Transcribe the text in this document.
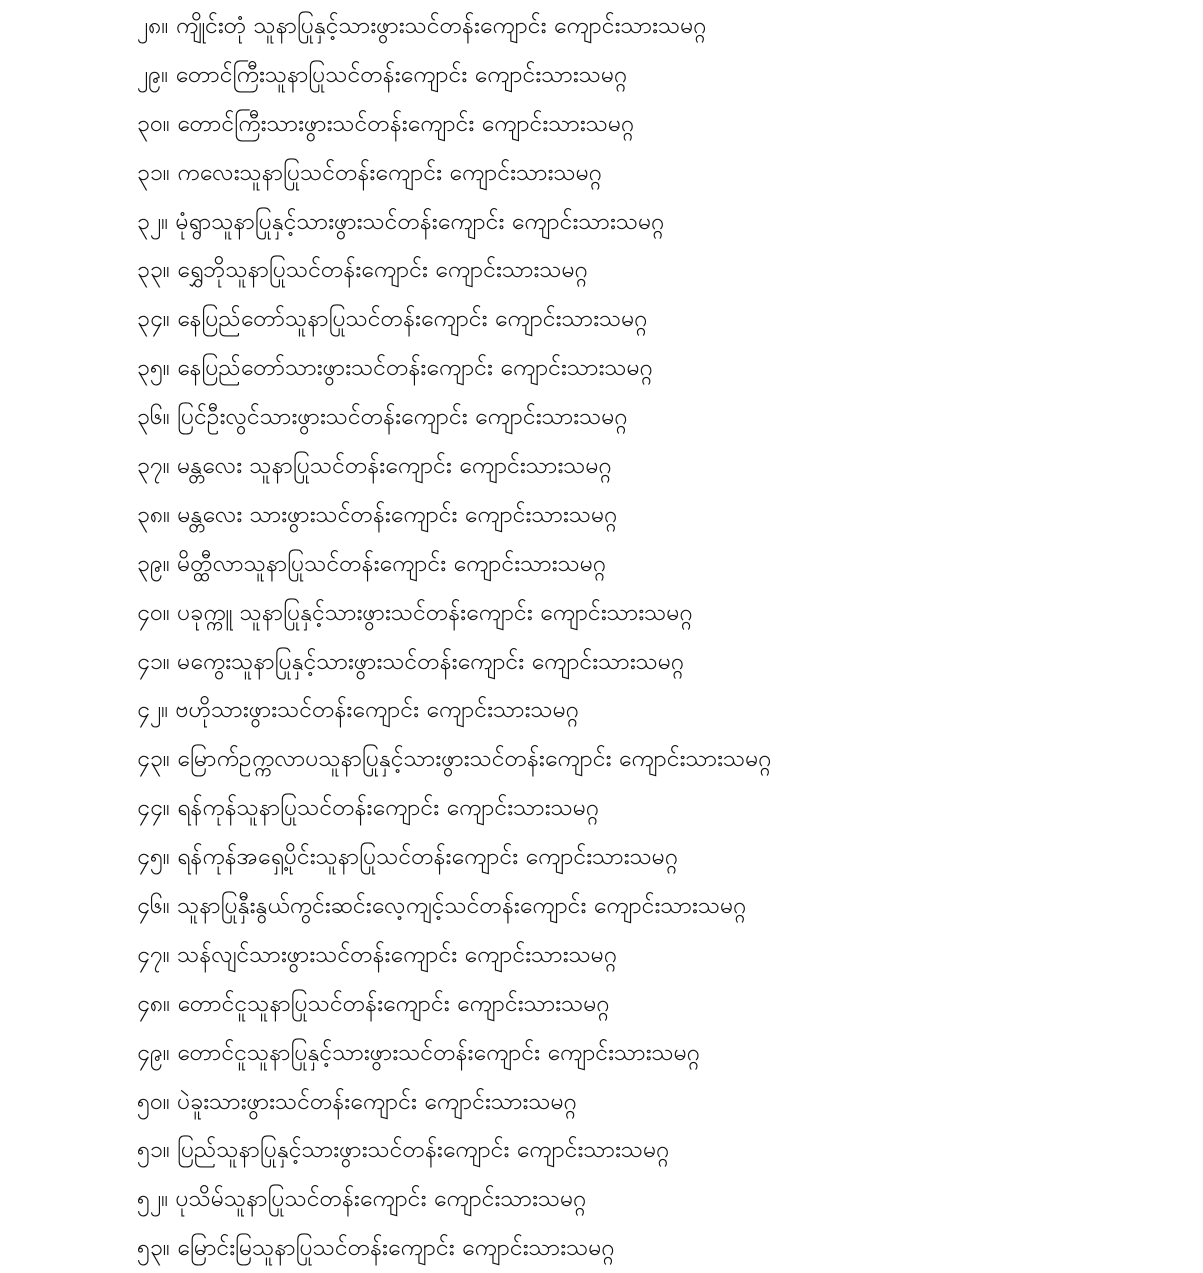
၂၈။ ကျိုင်းတုံ သူနာပြုနှင့်သားဖွားသင်တန်းကျောင်း ကျောင်းသားသမဂ္ဂ
၂၉။ တောင်ကြီးသူနာပြုသင်တန်းကျောင်း ကျောင်းသားသမဂ္ဂ
၃၀။ တောင်ကြီးသားဖွားသင်တန်းကျောင်း ကျောင်းသားသမဂ္ဂ
၃၁။ ကလေးသူနာပြုသင်တန်းကျောင်း ကျောင်းသားသမဂ္ဂ
၃၂။ မုံရွာသူနာပြုနှင့်သားဖွားသင်တန်းကျောင်း ကျောင်းသားသမဂ္ဂ
၃၃။ ရွှေဘိုသူနာပြုသင်တန်းကျောင်း ကျောင်းသားသမဂ္ဂ
၃၄။ နေပြည်တော်သူနာပြုသင်တန်းကျောင်း ကျောင်းသားသမဂ္ဂ
၃၅။ နေပြည်တော်သားဖွားသင်တန်းကျောင်း ကျောင်းသားသမဂ္ဂ
၃၆။ ပြင်ဦးလွင်သားဖွားသင်တန်းကျောင်း ကျောင်းသားသမဂ္ဂ
၃၇။ မန္တလေး သူနာပြုသင်တန်းကျောင်း ကျောင်းသားသမဂ္ဂ
၃၈။ မန္တလေး သားဖွားသင်တန်းကျောင်း ကျောင်းသားသမဂ္ဂ
၃၉။ မိတ္ထီလာသူနာပြုသင်တန်းကျောင်း ကျောင်းသားသမဂ္ဂ
၄၀။ ပခုက္ကူ သူနာပြုနှင့်သားဖွားသင်တန်းကျောင်း ကျောင်းသားသမဂ္ဂ
၄၁။ မကွေးသူနာပြုနှင့်သားဖွားသင်တန်းကျောင်း ကျောင်းသားသမဂ္ဂ
၄၂။ ဗဟိုသားဖွားသင်တန်းကျောင်း ကျောင်းသားသမဂ္ဂ
၄၃။ မြောက်ဥက္ကလာပသူနာပြုနှင့်သားဖွားသင်တန်းကျောင်း ကျောင်းသားသမဂ္ဂ
၄၄။ ရန်ကုန်သူနာပြုသင်တန်းကျောင်း ကျောင်းသားသမဂ္ဂ
၄၅။ ရန်ကုန်အရှေ့ပိုင်းသူနာပြုသင်တန်းကျောင်း ကျောင်းသားသမဂ္ဂ
၄၆။ သူနာပြုနှီးနွယ်ကွင်းဆင်းလေ့ကျင့်သင်တန်းကျောင်း ကျောင်းသားသမဂ္ဂ
၄၇။ သန်လျင်သားဖွားသင်တန်းကျောင်း ကျောင်းသားသမဂ္ဂ
၄၈။ တောင်ငူသူနာပြုသင်တန်းကျောင်း ကျောင်းသားသမဂ္ဂ
၄၉။ တောင်ငူသူနာပြုနှင့်သားဖွားသင်တန်းကျောင်း ကျောင်းသားသမဂ္ဂ
၅၀။ ပဲခူးသားဖွားသင်တန်းကျောင်း ကျောင်းသားသမဂ္ဂ
၅၁။ ပြည်သူနာပြုနှင့်သားဖွားသင်တန်းကျောင်း ကျောင်းသားသမဂ္ဂ
၅၂။ ပုသိမ်သူနာပြုသင်တန်းကျောင်း ကျောင်းသားသမဂ္ဂ
၅၃။ မြောင်းမြသူနာပြုသင်တန်းကျောင်း ကျောင်းသားသမဂ္ဂ
